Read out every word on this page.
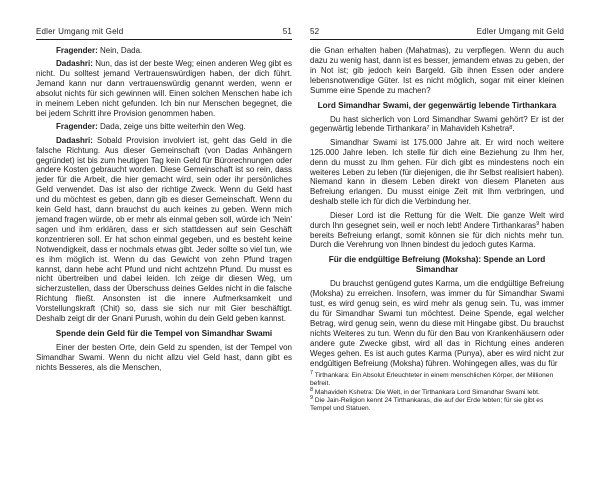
Edler Umgang mit Geld	51

Fragender: Nein, Dada.

Dadashri: Nun, das ist der beste Weg; einen anderen Weg gibt es nicht. Du solltest jemand Vertrauenswürdigen haben, der dich führt. Jemand kann nur dann vertrauenswürdig genannt werden, wenn er absolut nichts für sich gewinnen will. Einen solchen Menschen habe ich in meinem Leben nicht gefunden. Ich bin nur Menschen begegnet, die bei jedem Schritt ihre Provision genommen haben.

Fragender: Dada, zeige uns bitte weiterhin den Weg.

Dadashri: Sobald Provision involviert ist, geht das Geld in die falsche Richtung. Aus dieser Gemeinschaft (von Dadas Anhängern gegründet) ist bis zum heutigen Tag kein Geld für Bürorechnungen oder andere Kosten gebraucht worden. Diese Gemeinschaft ist so rein, dass jeder für die Arbeit, die hier gemacht wird, sein oder ihr persönliches Geld verwendet. Das ist also der richtige Zweck. Wenn du Geld hast und du möchtest es geben, dann gib es dieser Gemeinschaft. Wenn du kein Geld hast, dann brauchst du auch keines zu geben. Wenn mich jemand fragen würde, ob er mehr als einmal geben soll, würde ich 'Nein' sagen und ihm erklären, dass er sich stattdessen auf sein Geschäft konzentrieren soll. Er hat schon einmal gegeben, und es besteht keine Notwendigkeit, dass er nochmals etwas gibt. Jeder sollte so viel tun, wie es ihm möglich ist. Wenn du das Gewicht von zehn Pfund tragen kannst, dann hebe acht Pfund und nicht achtzehn Pfund. Du musst es nicht übertreiben und dabei leiden. Ich zeige dir diesen Weg, um sicherzustellen, dass der Überschuss deines Geldes nicht in die falsche Richtung fließt. Ansonsten ist die innere Aufmerksamkeit und Vorstellungskraft (Chit) so, dass sie sich nur mit Gier beschäftigt. Deshalb zeigt dir der Gnani Purush, wohin du dein Geld geben kannst.

Spende dein Geld für die Tempel von Simandhar Swami

Einer der besten Orte, dein Geld zu spenden, ist der Tempel von Simandhar Swami. Wenn du nicht allzu viel Geld hast, dann gibt es nichts Besseres, als die Menschen,

52	Edler Umgang mit Geld

die Gnan erhalten haben (Mahatmas), zu verpflegen. Wenn du auch dazu zu wenig hast, dann ist es besser, jemandem etwas zu geben, der in Not ist; gib jedoch kein Bargeld. Gib ihnen Essen oder andere lebensnotwendige Güter. Ist es nicht möglich, sogar mit einer kleinen Summe eine Spende zu machen?

Lord Simandhar Swami, der gegenwärtig lebende Tirthankara

Du hast sicherlich von Lord Simandhar Swami gehört? Er ist der gegenwärtig lebende Tirthankara$^7$ in Mahavideh Kshetra$^8$.

Simandhar Swami ist 175.000 Jahre alt. Er wird noch weitere 125.000 Jahre leben. Ich stelle für dich eine Beziehung zu Ihm her, denn du musst zu Ihm gehen. Für dich gibt es mindestens noch ein weiteres Leben zu leben (für diejenigen, die ihr Selbst realisiert haben). Niemand kann in diesem Leben direkt von diesem Planeten aus Befreiung erlangen. Du musst einige Zeit mit Ihm verbringen, und deshalb stelle ich für dich die Verbindung her.

Dieser Lord ist die Rettung für die Welt. Die ganze Welt wird durch Ihn gesegnet sein, weil er noch lebt! Andere Tirthankaras$^9$ haben bereits Befreiung erlangt, somit können sie für dich nichts mehr tun. Durch die Verehrung von Ihnen bindest du jedoch gutes Karma.

Für die endgültige Befreiung (Moksha): Spende an Lord Simandhar

Du brauchst genügend gutes Karma, um die endgültige Befreiung (Moksha) zu erreichen. Insofern, was immer du für Simandhar Swami tust, es wird genug sein, es wird mehr als genug sein. Tu, was immer du für Simandhar Swami tun möchtest. Deine Spende, egal welcher Betrag, wird genug sein, wenn du diese mit Hingabe gibst. Du brauchst nichts Weiteres zu tun. Wenn du für den Bau von Krankenhäusern oder andere gute Zwecke gibst, wird all das in Richtung eines anderen Weges gehen. Es ist auch gutes Karma (Punya), aber es wird nicht zur endgültigen Befreiung (Moksha) führen. Wohingegen alles, was du für

$^7$ Tirthankara: Ein Absolut Erleuchteter in einem menschlichen Körper, der Millionen befreit.

$^8$ Mahavideh Kshetra: Die Welt, in der Tirthankara Lord Simandhar Swami lebt.

$^9$ Die Jain-Religion kennt 24 Tirthankaras, die auf der Erde lebten; für sie gibt es Tempel und Statuen.
